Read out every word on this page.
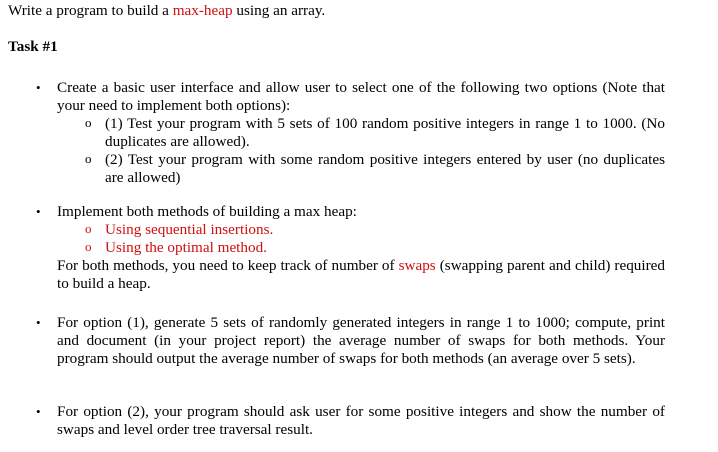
Write a program to build a max-heap using an array.
Task #1
• Create a basic user interface and allow user to select one of the following two options (Note that your need to implement both options):

o (1) Test your program with 5 sets of 100 random positive integers in range 1 to 1000. (No duplicates are allowed).

o (2) Test your program with some random positive integers entered by user (no duplicates are allowed)

• Implement both methods of building a max heap:

o Using sequential insertions.

o Using the optimal method.

For both methods, you need to keep track of number of swaps (swapping parent and child) required to build a heap.

• For option (1), generate 5 sets of randomly generated integers in range 1 to 1000; compute, print and document (in your project report) the average number of swaps for both methods. Your program should output the average number of swaps for both methods (an average over 5 sets).

• For option (2), your program should ask user for some positive integers and show the number of swaps and level order tree traversal result.
